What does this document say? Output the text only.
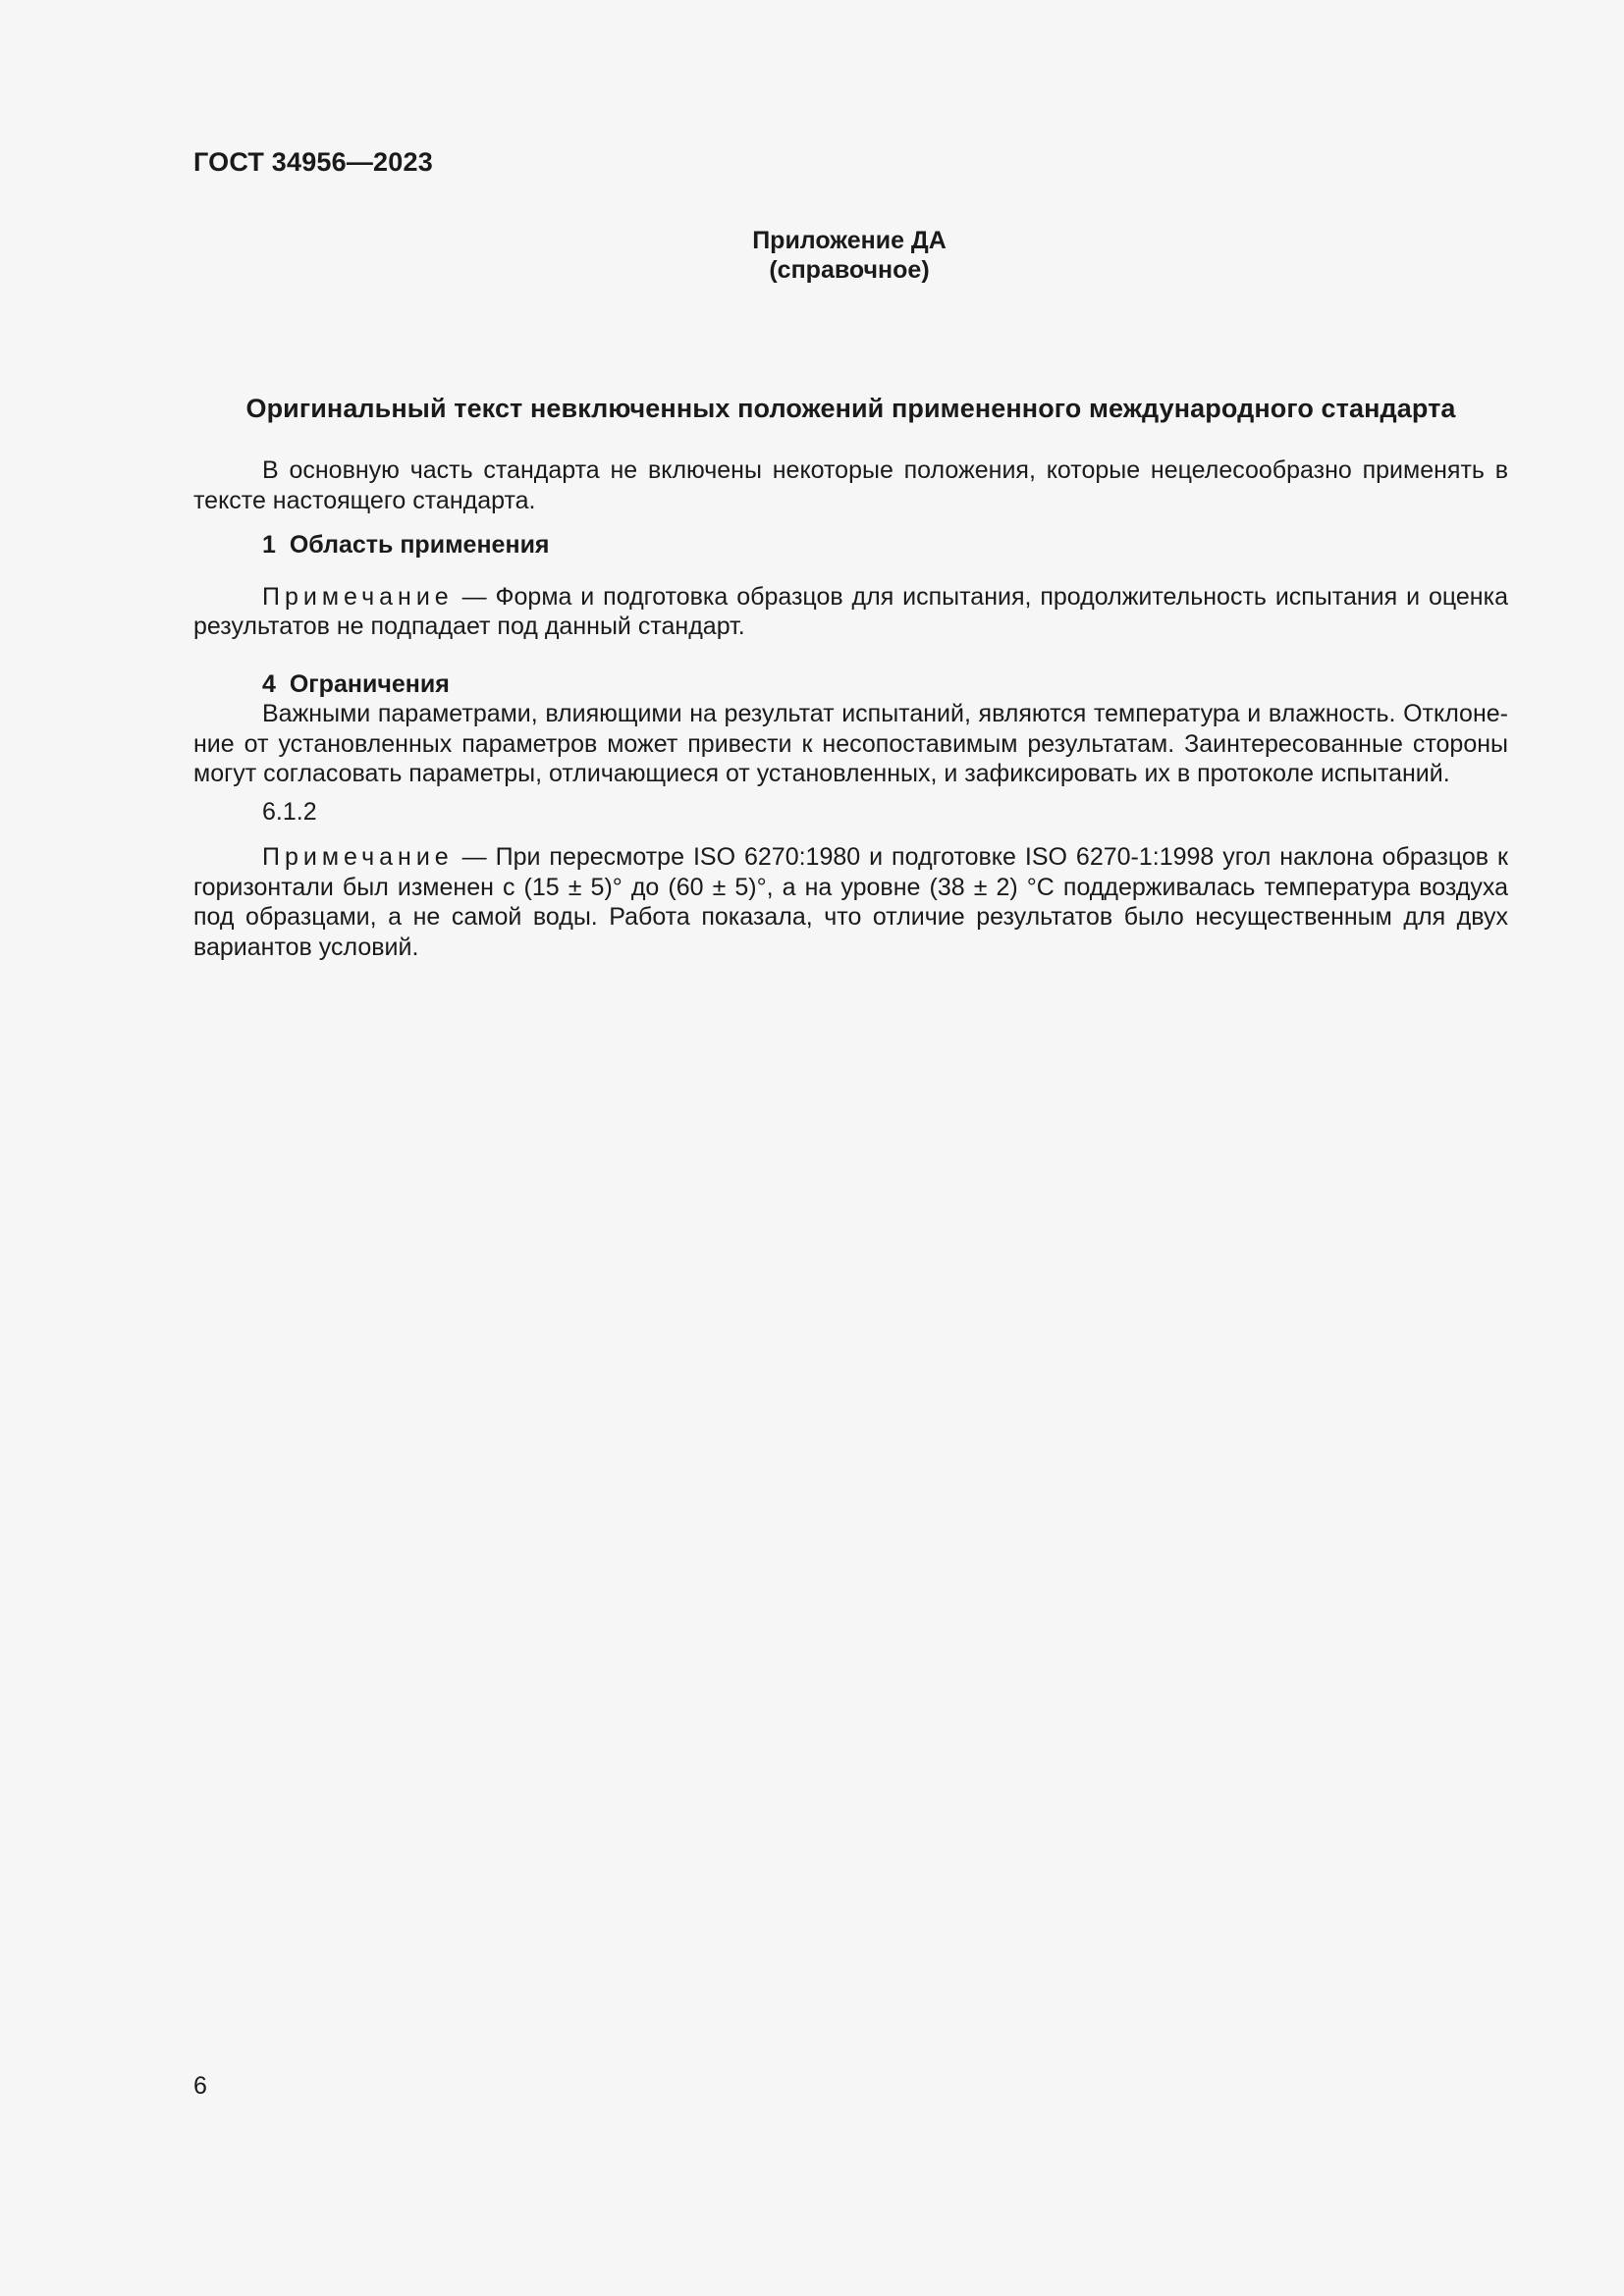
ГОСТ 34956—2023
Приложение ДА
(справочное)
Оригинальный текст невключенных положений примененного международного стандарта

В основную часть стандарта не включены некоторые положения, которые нецелесообразно применять в тексте настоящего стандарта.

1 Область применения

Примечание — Форма и подготовка образцов для испытания, продолжительность испытания и оценка результатов не подпадает под данный стандарт.

4 Ограничения

Важными параметрами, влияющими на результат испытаний, являются температура и влажность. Отклоне-ние от установленных параметров может привести к несопоставимым результатам. Заинтересованные стороны могут согласовать параметры, отличающиеся от установленных, и зафиксировать их в протоколе испытаний.

6.1.2

Примечание — При пересмотре ISO 6270:1980 и подготовке ISO 6270-1:1998 угол наклона образцов к горизонтали был изменен с (15 ± 5)° до (60 ± 5)°, а на уровне (38 ± 2) °С поддерживалась температура воздуха под образцами, а не самой воды. Работа показала, что отличие результатов было несущественным для двух вариантов условий.

6
